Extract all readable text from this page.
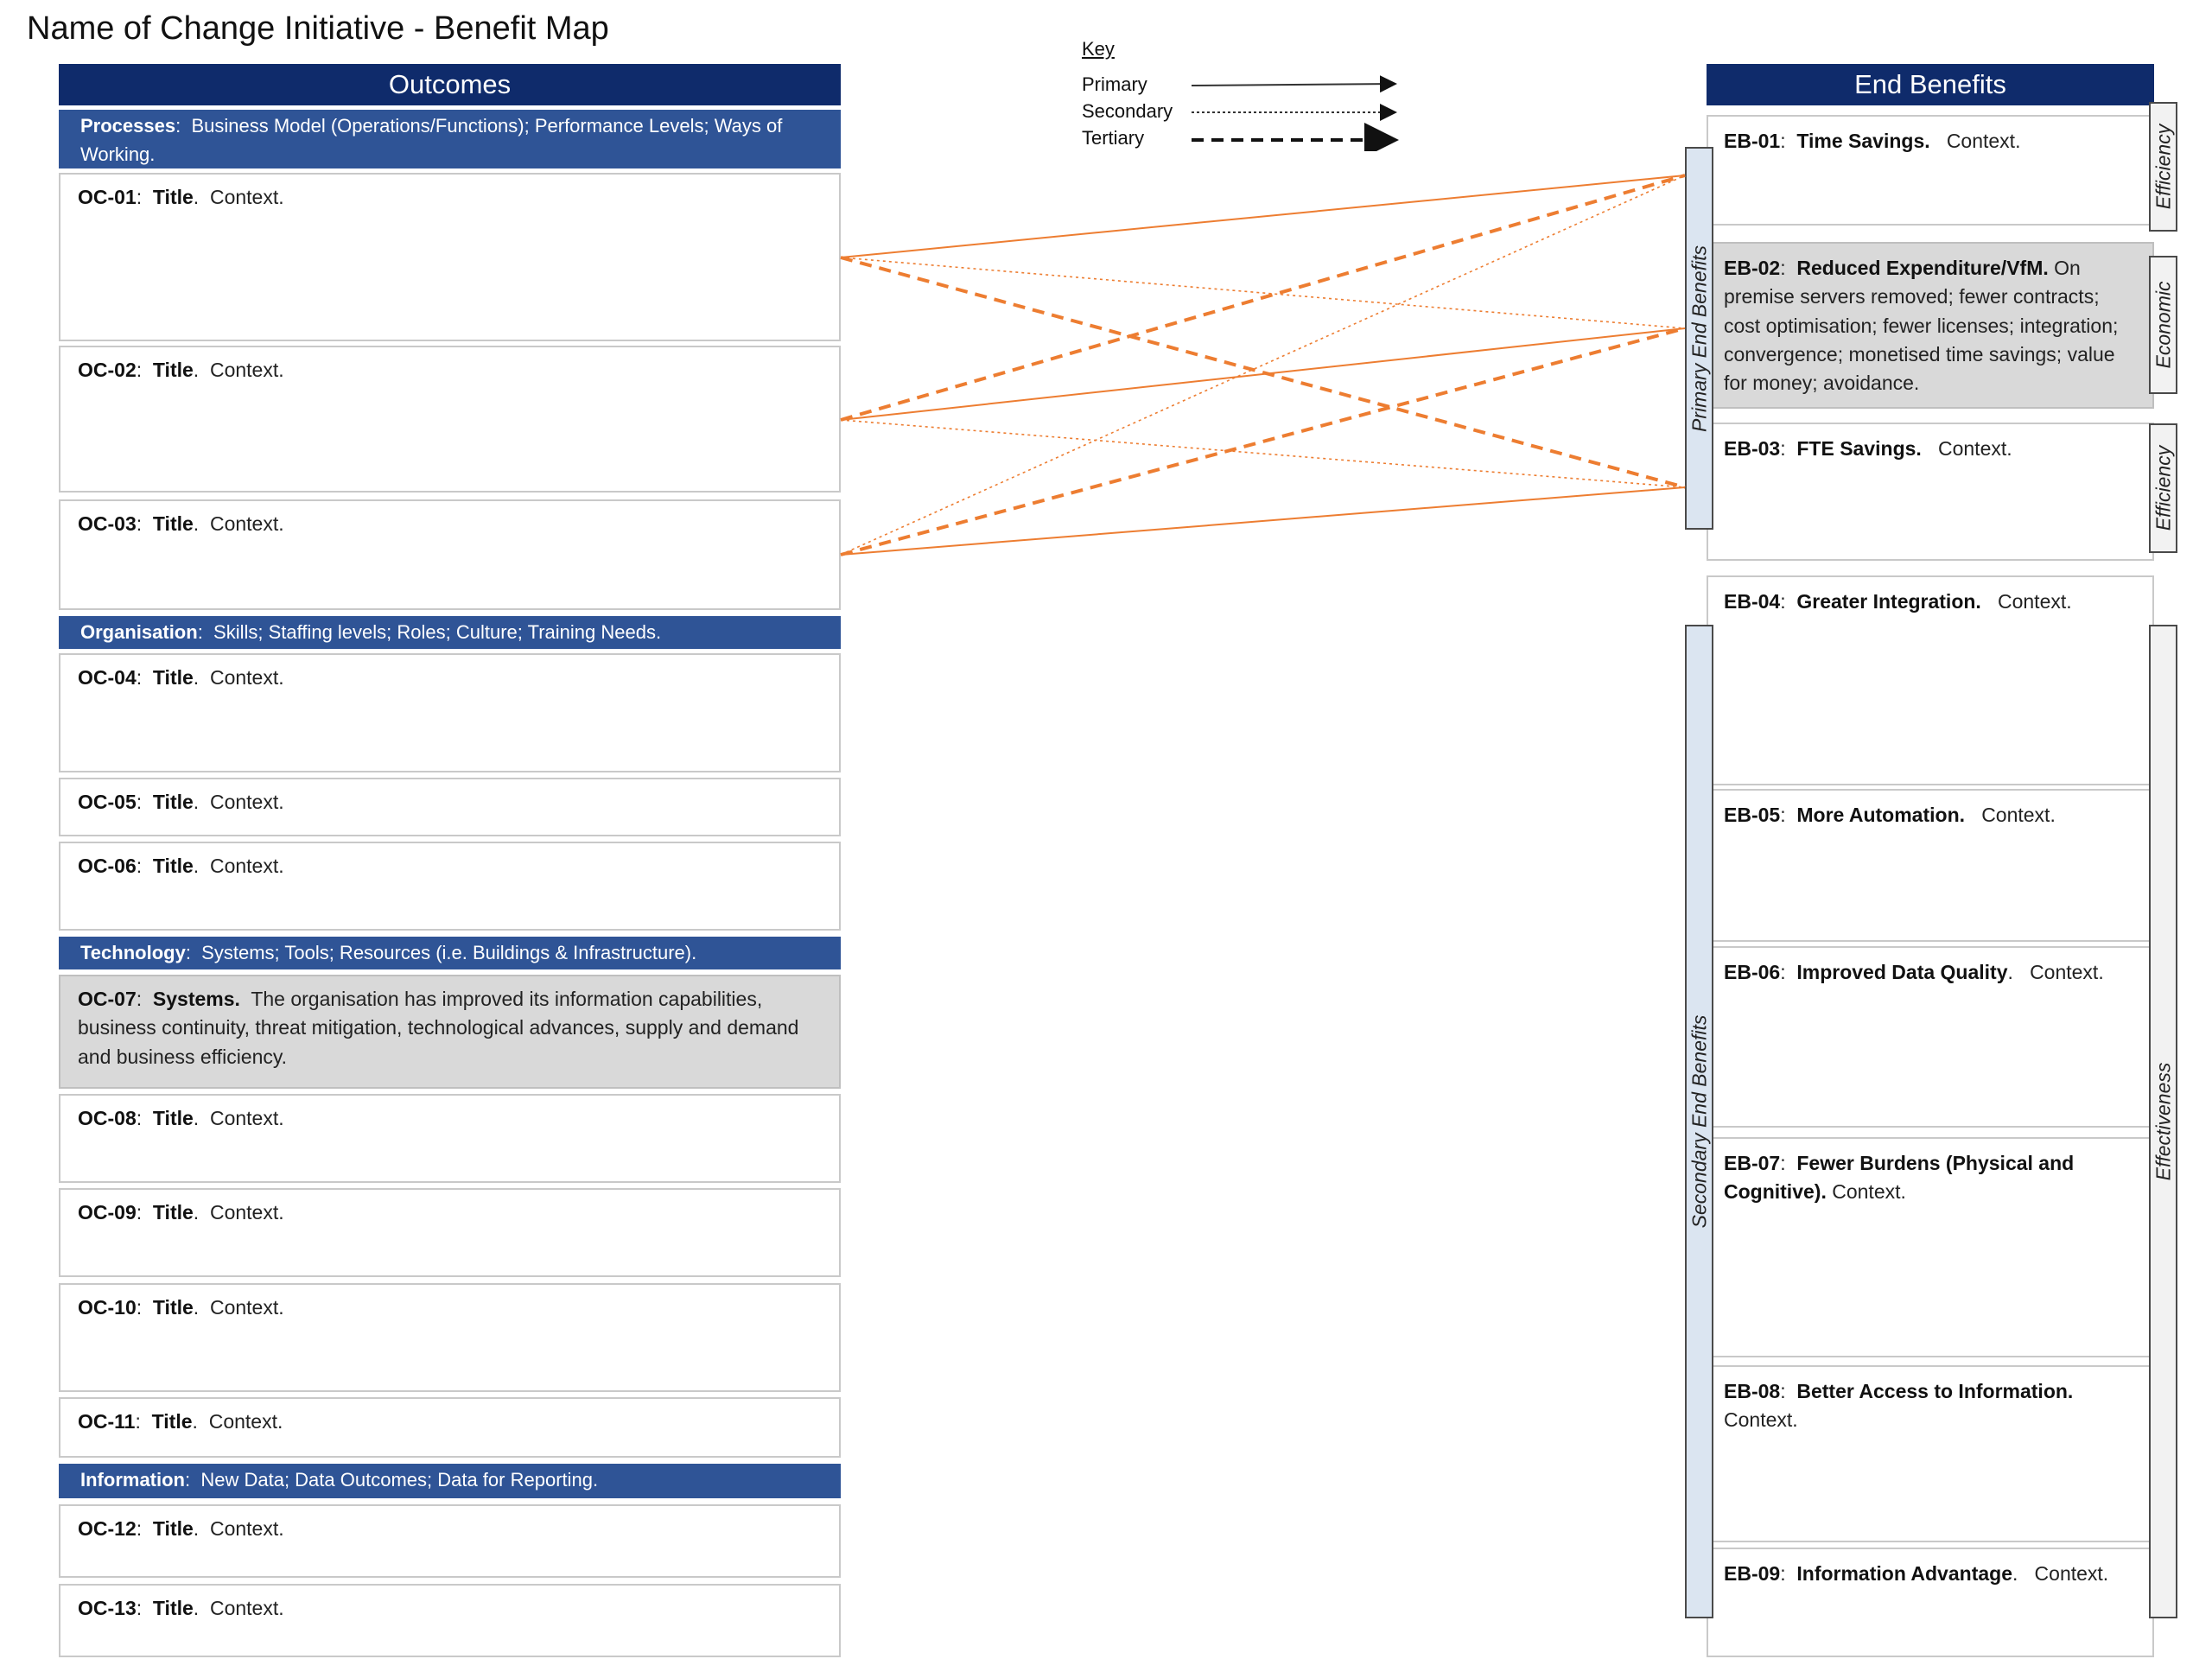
Name of Change Initiative - Benefit Map
Key
Primary
Secondary
Tertiary
Outcomes
Processes:  Business Model (Operations/Functions); Performance Levels; Ways of Working.
OC-01:  Title.  Context.
OC-02:  Title.  Context.
OC-03:  Title.  Context.
Organisation:  Skills; Staffing levels; Roles; Culture; Training Needs.
OC-04:  Title.  Context.
OC-05:  Title.  Context.
OC-06:  Title.  Context.
Technology:  Systems; Tools; Resources (i.e. Buildings & Infrastructure).
OC-07:  Systems. The organisation has improved its information capabilities, business continuity, threat mitigation, technological advances, supply and demand and business efficiency.
OC-08:  Title.  Context.
OC-09:  Title.  Context.
OC-10:  Title.  Context.
OC-11:  Title.  Context.
Information:  New Data; Data Outcomes; Data for Reporting.
OC-12:  Title.  Context.
OC-13:  Title.  Context.
End Benefits
EB-01:  Time Savings. Context.
EB-02:  Reduced Expenditure/VfM. On premise servers removed; fewer contracts; cost optimisation; fewer licenses; integration; convergence; monetised time savings; value for money; avoidance.
EB-03:  FTE Savings. Context.
EB-04:  Greater Integration. Context.
EB-05:  More Automation. Context.
EB-06:  Improved Data Quality.   Context.
EB-07:  Fewer Burdens (Physical and Cognitive). Context.
EB-08:  Better Access to Information. Context.
EB-09:  Information Advantage.   Context.
Primary End Benefits
Secondary End Benefits
Efficiency
Economic
Efficiency
Effectiveness
